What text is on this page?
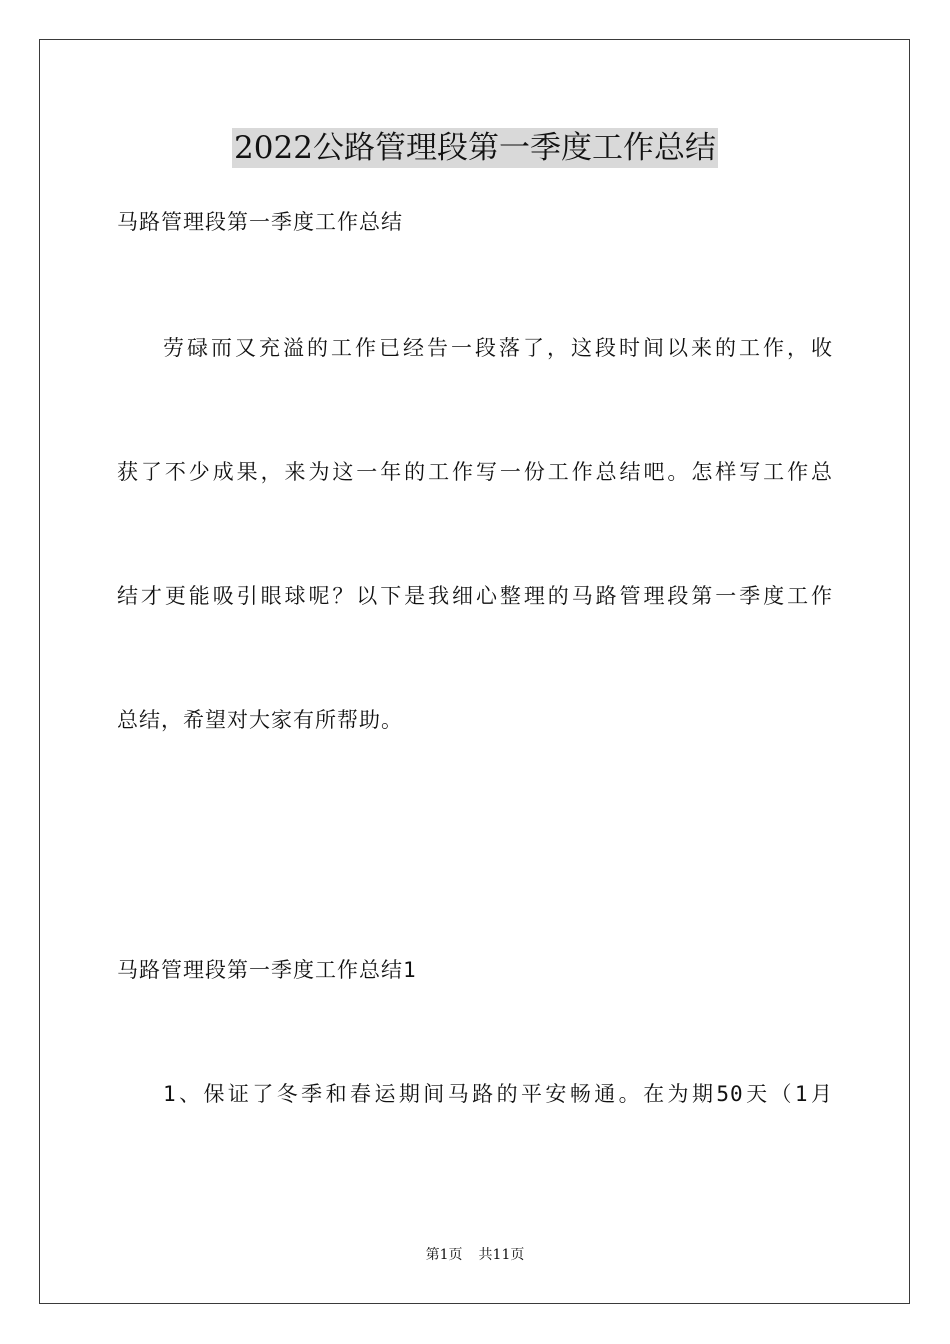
2022公路管理段第一季度工作总结
马路管理段第一季度工作总结
劳碌而又充溢的工作已经告一段落了，这段时间以来的工作，收
获了不少成果，来为这一年的工作写一份工作总结吧。怎样写工作总
结才更能吸引眼球呢？以下是我细心整理的马路管理段第一季度工作
总结，希望对大家有所帮助。
马路管理段第一季度工作总结1
1、保证了冬季和春运期间马路的平安畅通。在为期50天（1月
第1页 共11页
